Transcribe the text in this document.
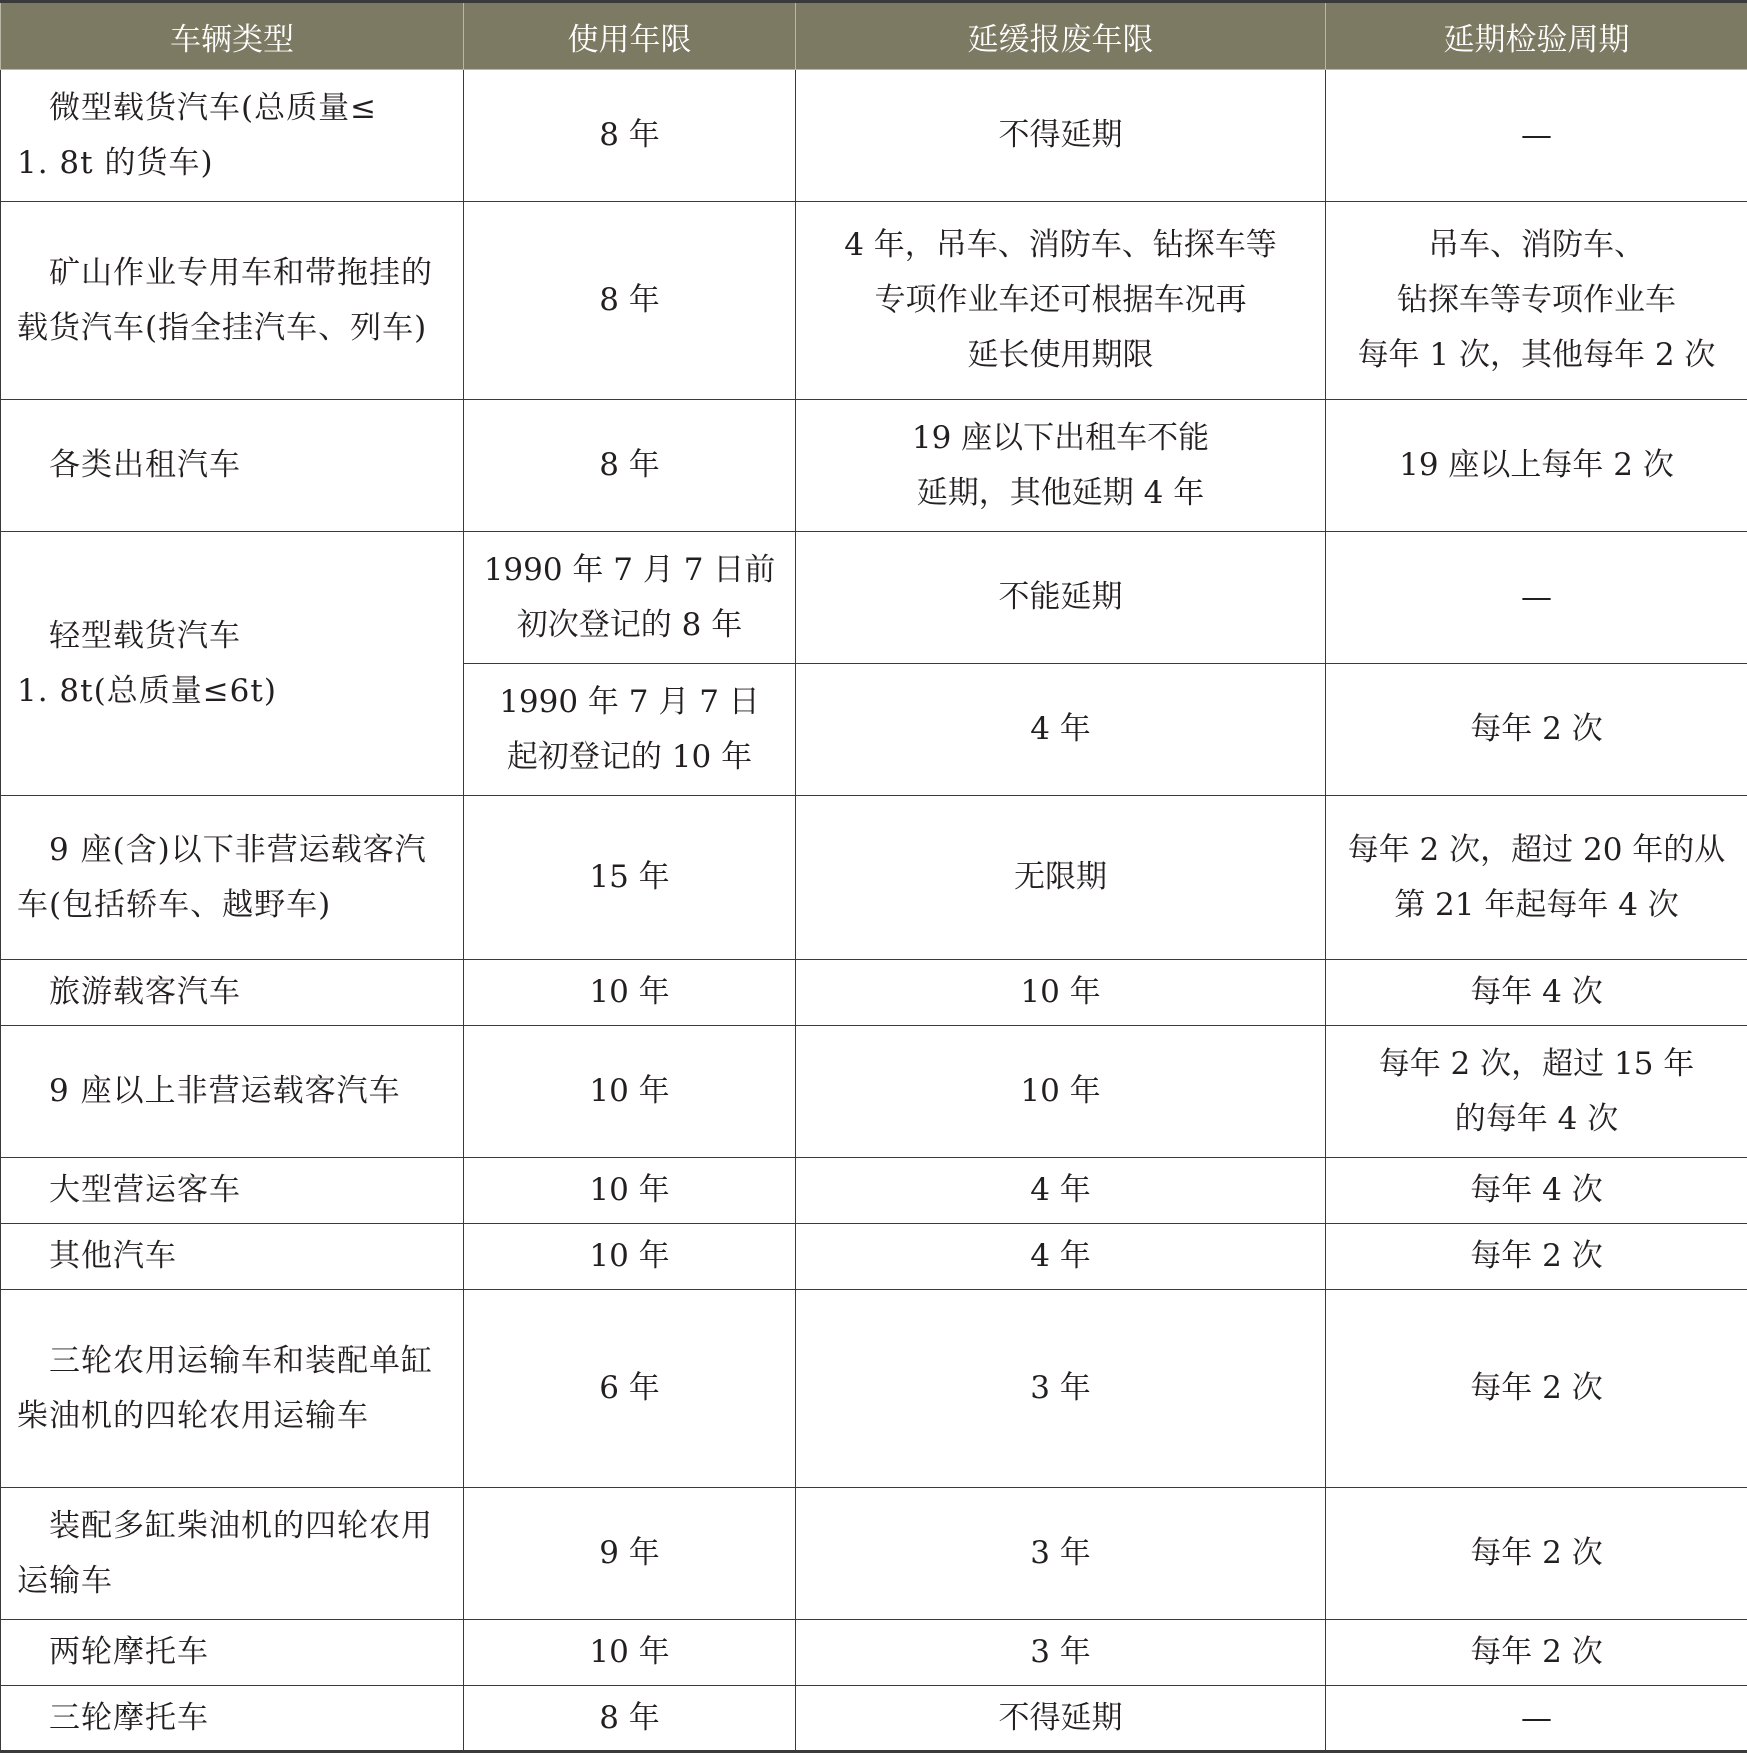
车辆类型	使用年限	延缓报废年限	延期检验周期

微型载货汽车(总质量≤
1. 8t 的货车)	8 年	不得延期	—

矿山作业专用车和带拖挂的
载货汽车(指全挂汽车、列车)	8 年	4 年，吊车、消防车、钻探车等
专项作业车还可根据车况再
延长使用期限	吊车、消防车、
钻探车等专项作业车
每年 1 次，其他每年 2 次

各类出租汽车	8 年	19 座以下出租车不能
延期，其他延期 4 年	19 座以上每年 2 次

轻型载货汽车
1. 8t(总质量≤6t)	1990 年 7 月 7 日前
初次登记的 8 年	不能延期	—

	1990 年 7 月 7 日
起初登记的 10 年	4 年	每年 2 次

9 座(含)以下非营运载客汽
车(包括轿车、越野车)	15 年	无限期	每年 2 次，超过 20 年的从
第 21 年起每年 4 次

旅游载客汽车	10 年	10 年	每年 4 次
9 座以上非营运载客汽车	10 年	10 年	每年 2 次，超过 15 年
的每年 4 次

大型营运客车	10 年	4 年	每年 4 次
其他汽车	10 年	4 年	每年 2 次

三轮农用运输车和装配单缸
柴油机的四轮农用运输车	6 年	3 年	每年 2 次

装配多缸柴油机的四轮农用
运输车	9 年	3 年	每年 2 次
两轮摩托车	10 年	3 年	每年 2 次
三轮摩托车	8 年	不得延期	—
